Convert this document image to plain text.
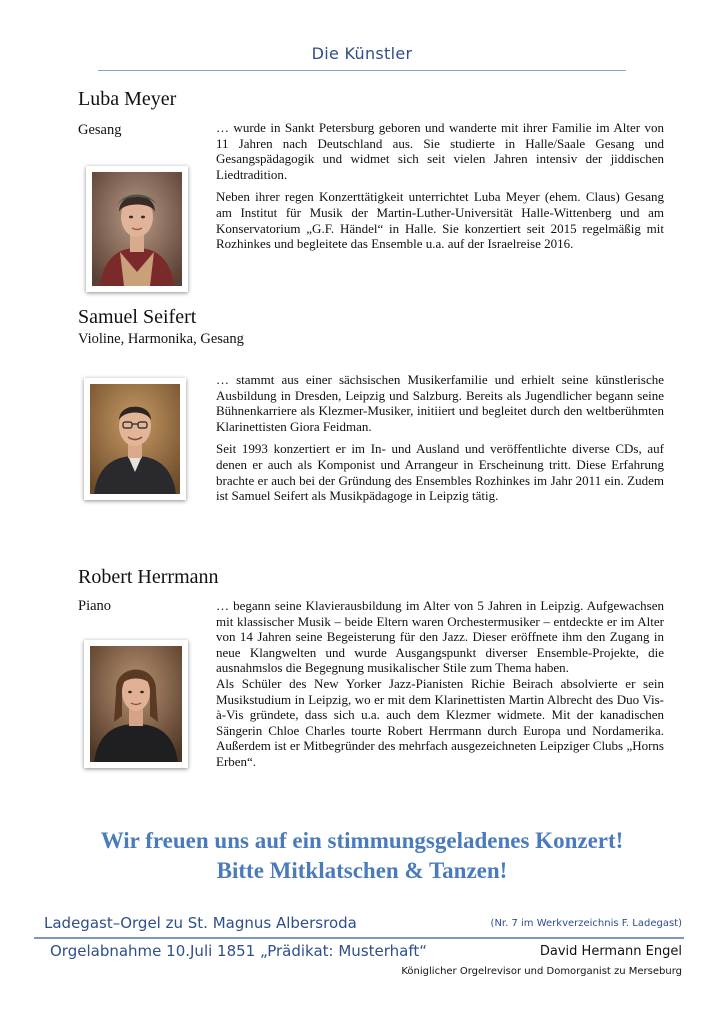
Die Künstler
Luba Meyer
Gesang	… wurde in Sankt Petersburg geboren und wanderte mit ihrer Familie im Alter von 11 Jahren nach Deutschland aus. Sie studierte in Halle/Saale Gesang und Gesangspädagogik und widmet sich seit vielen Jahren intensiv der jiddischen Liedtradition.

Neben ihrer regen Konzerttätigkeit unterrichtet Luba Meyer (ehem. Claus) Gesang am Institut für Musik der Martin-Luther-Universität Halle-Wittenberg und am Konservatorium „G.F. Händel“ in Halle. Sie konzertiert seit 2015 regelmäßig mit Rozhinkes und begleitete das Ensemble u.a. auf der Israelreise 2016.

Samuel Seifert
Violine, Harmonika, Gesang

… stammt aus einer sächsischen Musikerfamilie und erhielt seine künstlerische Ausbildung in Dresden, Leipzig und Salzburg. Bereits als Jugendlicher begann seine Bühnenkarriere als Klezmer-Musiker, initiiert und begleitet durch den weltberühmten Klarinettisten Giora Feidman.

Seit 1993 konzertiert er im In- und Ausland und veröffentlichte diverse CDs, auf denen er auch als Komponist und Arrangeur in Erscheinung tritt. Diese Erfahrung brachte er auch bei der Gründung des Ensembles Rozhinkes im Jahr 2011 ein. Zudem ist Samuel Seifert als Musikpädagoge in Leipzig tätig.

Robert Herrmann
Piano	… begann seine Klavierausbildung im Alter von 5 Jahren in Leipzig. Aufgewachsen mit klassischer Musik – beide Eltern waren Orchestermusiker – entdeckte er im Alter von 14 Jahren seine Begeisterung für den Jazz. Dieser eröffnete ihm den Zugang in neue Klangwelten und wurde Ausgangspunkt diverser Ensemble-Projekte, die ausnahmslos die Begegnung musikalischer Stile zum Thema haben.

Als Schüler des New Yorker Jazz-Pianisten Richie Beirach absolvierte er sein Musikstudium in Leipzig, wo er mit dem Klarinettisten Martin Albrecht des Duo Vis-à-Vis gründete, dass sich u.a. auch dem Klezmer widmete. Mit der kanadischen Sängerin Chloe Charles tourte Robert Herrmann durch Europa und Nordamerika. Außerdem ist er Mitbegründer des mehrfach ausgezeichneten Leipziger Clubs „Horns Erben“.

Wir freuen uns auf ein stimmungsgeladenes Konzert!
Bitte Mitklatschen & Tanzen!
Ladegast–Orgel zu St. Magnus Albersroda	(Nr. 7 im Werkverzeichnis F. Ladegast)
Orgelabnahme 10.Juli 1851 „Prädikat: Musterhaft“	David Hermann Engel
Königlicher Orgelrevisor und Domorganist zu Merseburg
